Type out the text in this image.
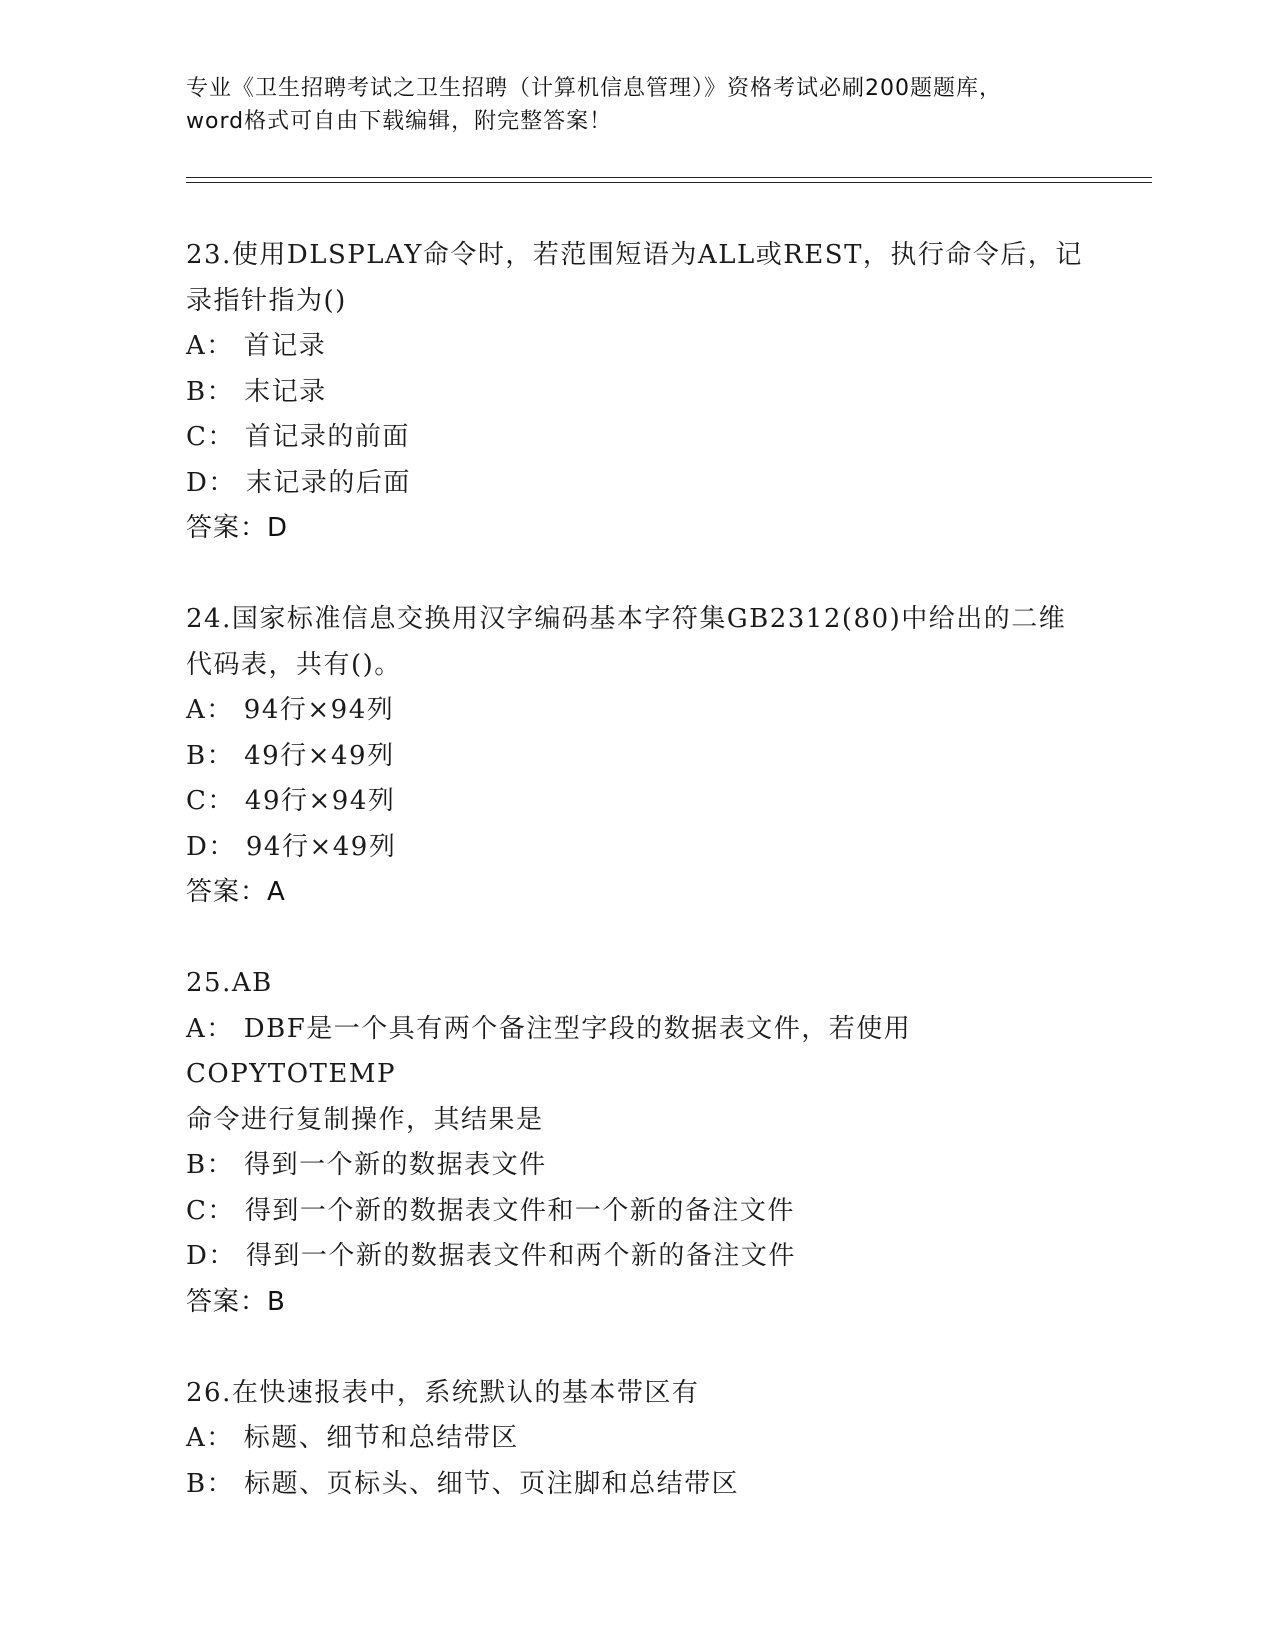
专业《卫生招聘考试之卫生招聘（计算机信息管理）》资格考试必刷200题题库，
word格式可自由下载编辑，附完整答案！
23.使用DLSPLAY命令时，若范围短语为ALL或REST，执行命令后，记
录指针指为()
A： 首记录
B： 末记录
C： 首记录的前面
D： 末记录的后面
答案：D
24.国家标准信息交换用汉字编码基本字符集GB2312(80)中给出的二维
代码表，共有()。
A： 94行×94列
B： 49行×49列
C： 49行×94列
D： 94行×49列
答案：A
25.AB
A： DBF是一个具有两个备注型字段的数据表文件，若使用COPYTOTEMP
命令进行复制操作，其结果是
B： 得到一个新的数据表文件
C： 得到一个新的数据表文件和一个新的备注文件
D： 得到一个新的数据表文件和两个新的备注文件
答案：B
26.在快速报表中，系统默认的基本带区有
A： 标题、细节和总结带区
B： 标题、页标头、细节、页注脚和总结带区
